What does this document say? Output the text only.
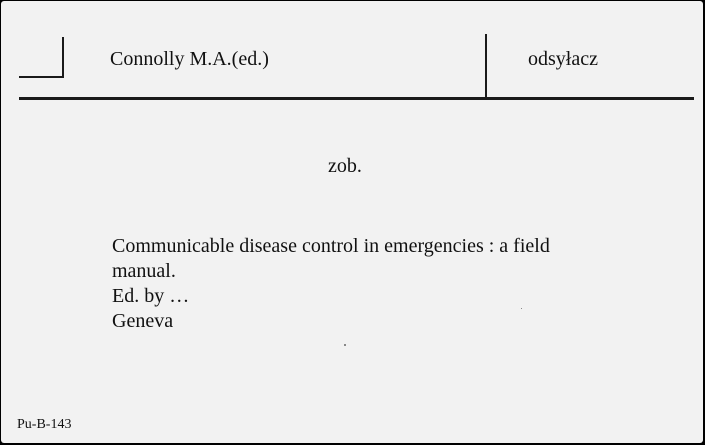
Connolly M.A.(ed.)	odsyłacz
zob.
Communicable disease control in emergencies : a field
manual.
Ed. by …
Geneva
Pu-B-143
